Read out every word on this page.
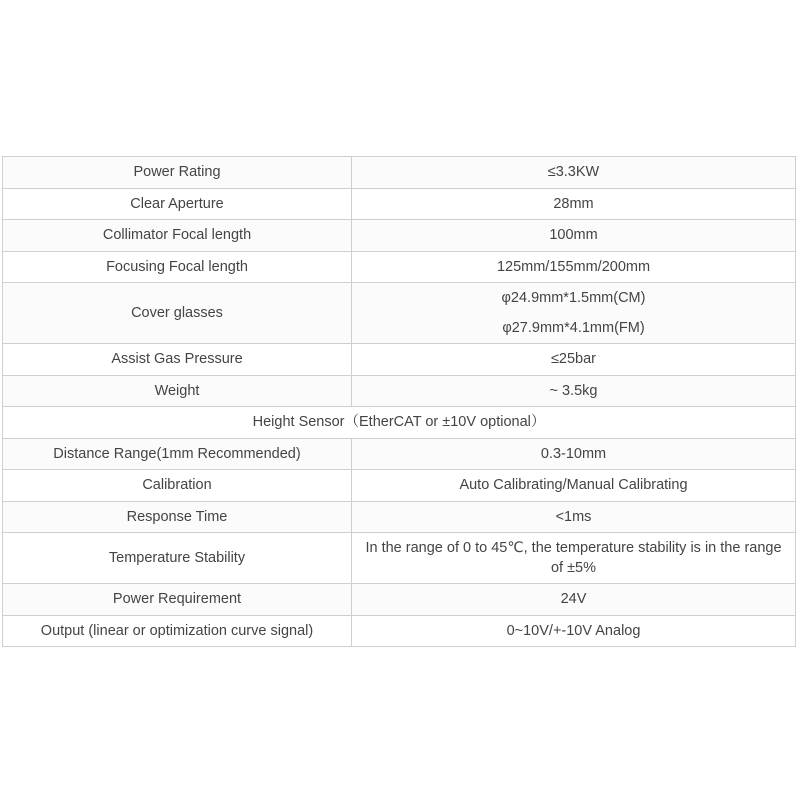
Power Rating	≤3.3KW
Clear Aperture	28mm
Collimator Focal length	100mm
Focusing Focal length	125mm/155mm/200mm
Cover glasses	φ24.9mm*1.5mm(CM)
φ27.9mm*4.1mm(FM)

Assist Gas Pressure	≤25bar
Weight	~ 3.5kg
Height Sensor（EtherCAT or ±10V optional）	
Distance Range(1mm Recommended)	0.3-10mm
Calibration	Auto Calibrating/Manual Calibrating
Response Time	<1ms
Temperature Stability	In the range of 0 to 45℃, the temperature stability is in the range of ±5%
Power Requirement	24V
Output (linear or optimization curve signal)	0~10V/+-10V Analog
